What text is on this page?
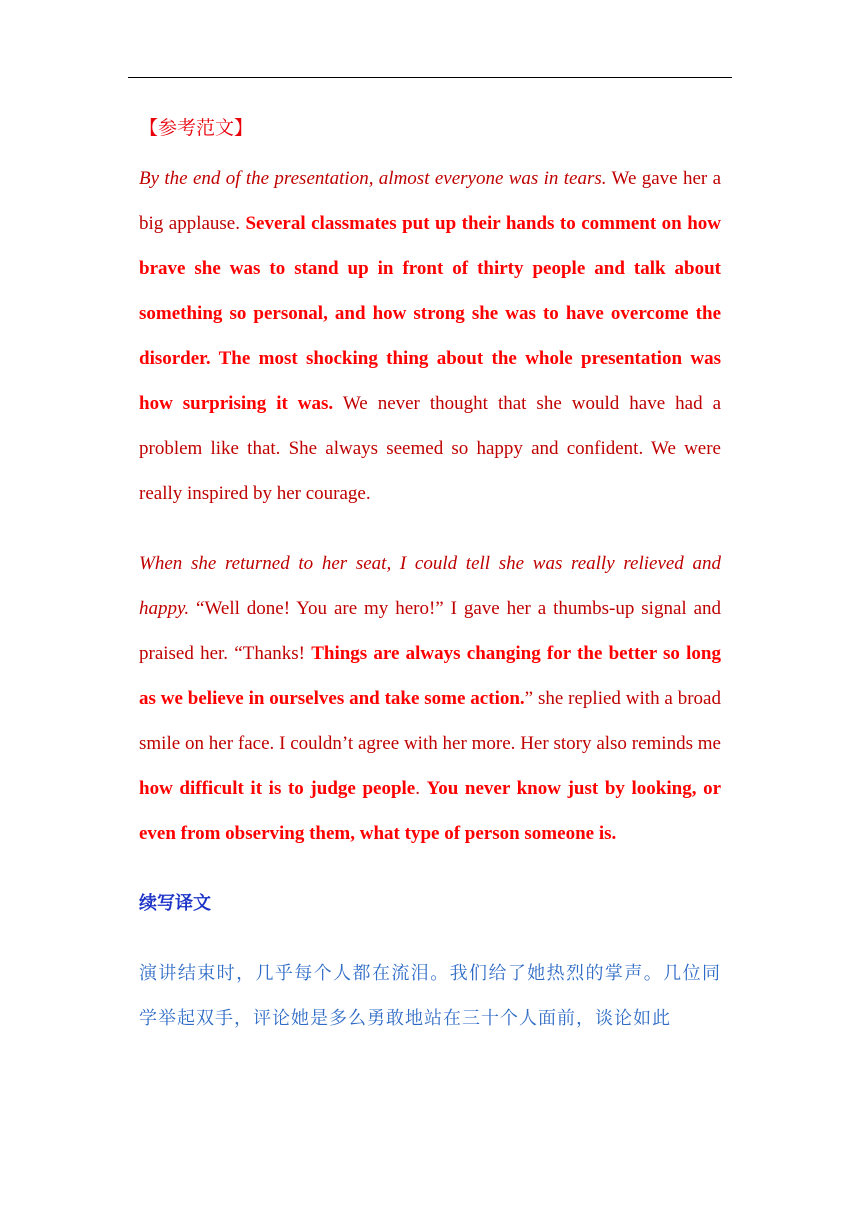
【参考范文】

By the end of the presentation, almost everyone was in tears. We gave her a big applause. Several classmates put up their hands to comment on how brave she was to stand up in front of thirty people and talk about something so personal, and how strong she was to have overcome the disorder. The most shocking thing about the whole presentation was how surprising it was. We never thought that she would have had a problem like that. She always seemed so happy and confident. We were really inspired by her courage.

When she returned to her seat, I could tell she was really relieved and happy. “Well done! You are my hero!” I gave her a thumbs-up signal and praised her. “Thanks! Things are always changing for the better so long as we believe in ourselves and take some action.” she replied with a broad smile on her face. I couldn’t agree with her more. Her story also reminds me how difficult it is to judge people. You never know just by looking, or even from observing them, what type of person someone is.

续写译文

演讲结束时，几乎每个人都在流泪。我们给了她热烈的掌声。几位同学举起双手，评论她是多么勇敢地站在三十个人面前，谈论如此
